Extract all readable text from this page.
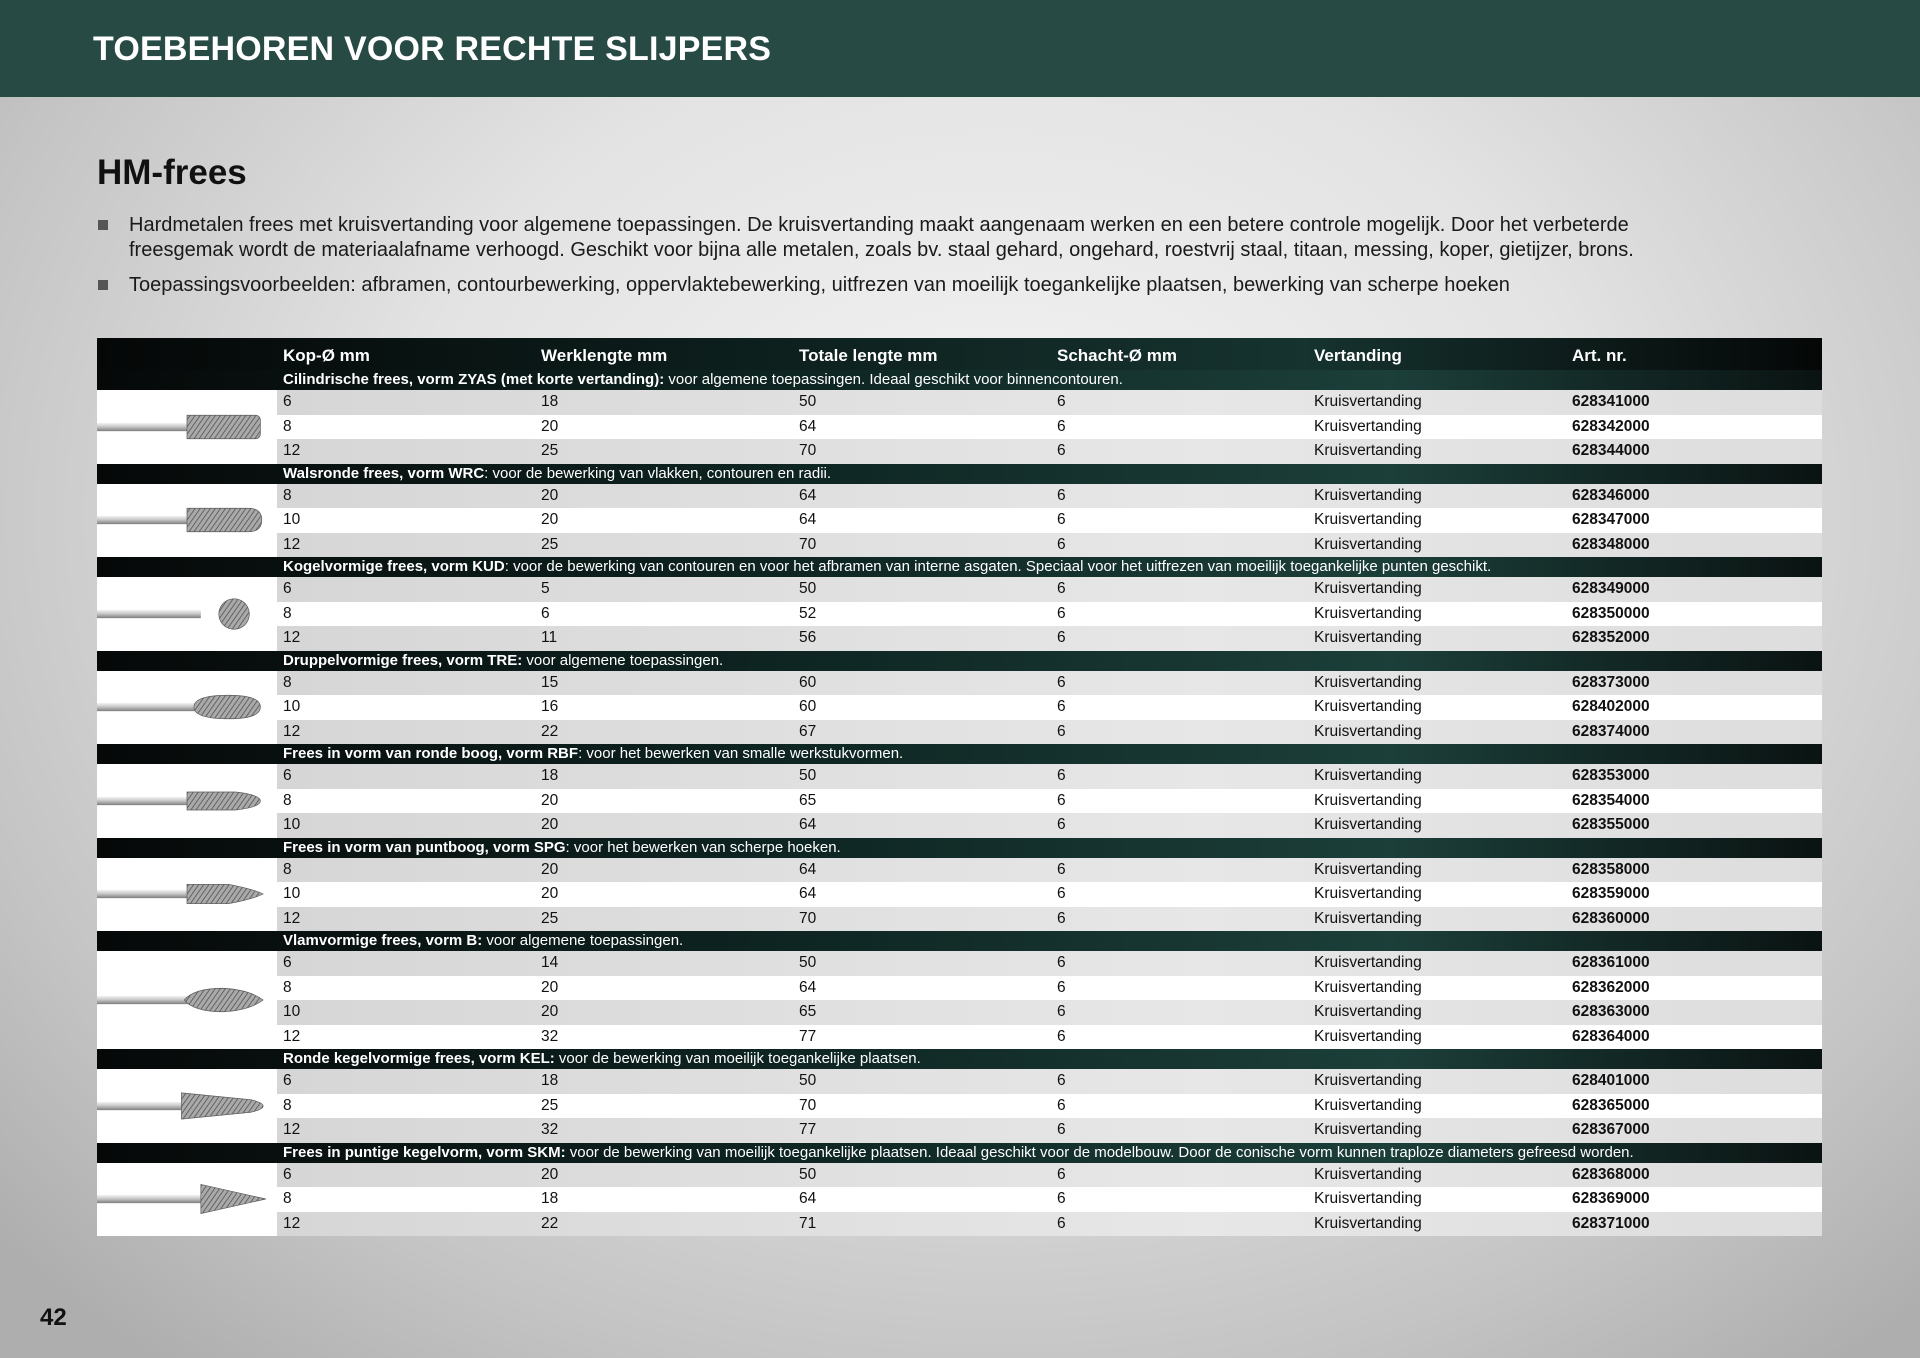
TOEBEHOREN VOOR RECHTE SLIJPERS
HM-frees
Hardmetalen frees met kruisvertanding voor algemene toepassingen. De kruisvertanding maakt aangenaam werken en een betere controle mogelijk. Door het verbeterde freesgemak wordt de materiaalafname verhoogd. Geschikt voor bijna alle metalen, zoals bv. staal gehard, ongehard, roestvrij staal, titaan, messing, koper, gietijzer, brons.
Toepassingsvoorbeelden: afbramen, contourbewerking, oppervlaktebewerking, uitfrezen van moeilijk toegankelijke plaatsen, bewerking van scherpe hoeken
Kop-Ø mm	Werklengte mm	Totale lengte mm	Schacht-Ø mm	Vertanding	Art. nr.
Cilindrische frees, vorm ZYAS (met korte vertanding): voor algemene toepassingen. Ideaal geschikt voor binnencontouren.
6	18	50	6	Kruisvertanding	628341000
8	20	64	6	Kruisvertanding	628342000
12	25	70	6	Kruisvertanding	628344000
Walsronde frees, vorm WRC: voor de bewerking van vlakken, contouren en radii.
8	20	64	6	Kruisvertanding	628346000
10	20	64	6	Kruisvertanding	628347000
12	25	70	6	Kruisvertanding	628348000
Kogelvormige frees, vorm KUD: voor de bewerking van contouren en voor het afbramen van interne asgaten. Speciaal voor het uitfrezen van moeilijk toegankelijke punten geschikt.
6	5	50	6	Kruisvertanding	628349000
8	6	52	6	Kruisvertanding	628350000
12	11	56	6	Kruisvertanding	628352000
Druppelvormige frees, vorm TRE: voor algemene toepassingen.
8	15	60	6	Kruisvertanding	628373000
10	16	60	6	Kruisvertanding	628402000
12	22	67	6	Kruisvertanding	628374000
Frees in vorm van ronde boog, vorm RBF: voor het bewerken van smalle werkstukvormen.
6	18	50	6	Kruisvertanding	628353000
8	20	65	6	Kruisvertanding	628354000
10	20	64	6	Kruisvertanding	628355000
Frees in vorm van puntboog, vorm SPG: voor het bewerken van scherpe hoeken.
8	20	64	6	Kruisvertanding	628358000
10	20	64	6	Kruisvertanding	628359000
12	25	70	6	Kruisvertanding	628360000
Vlamvormige frees, vorm B: voor algemene toepassingen.
6	14	50	6	Kruisvertanding	628361000
8	20	64	6	Kruisvertanding	628362000
10	20	65	6	Kruisvertanding	628363000
12	32	77	6	Kruisvertanding	628364000
Ronde kegelvormige frees, vorm KEL: voor de bewerking van moeilijk toegankelijke plaatsen.
6	18	50	6	Kruisvertanding	628401000
8	25	70	6	Kruisvertanding	628365000
12	32	77	6	Kruisvertanding	628367000
Frees in puntige kegelvorm, vorm SKM: voor de bewerking van moeilijk toegankelijke plaatsen. Ideaal geschikt voor de modelbouw. Door de conische vorm kunnen traploze diameters gefreesd worden.
6	20	50	6	Kruisvertanding	628368000
8	18	64	6	Kruisvertanding	628369000
12	22	71	6	Kruisvertanding	628371000
42
